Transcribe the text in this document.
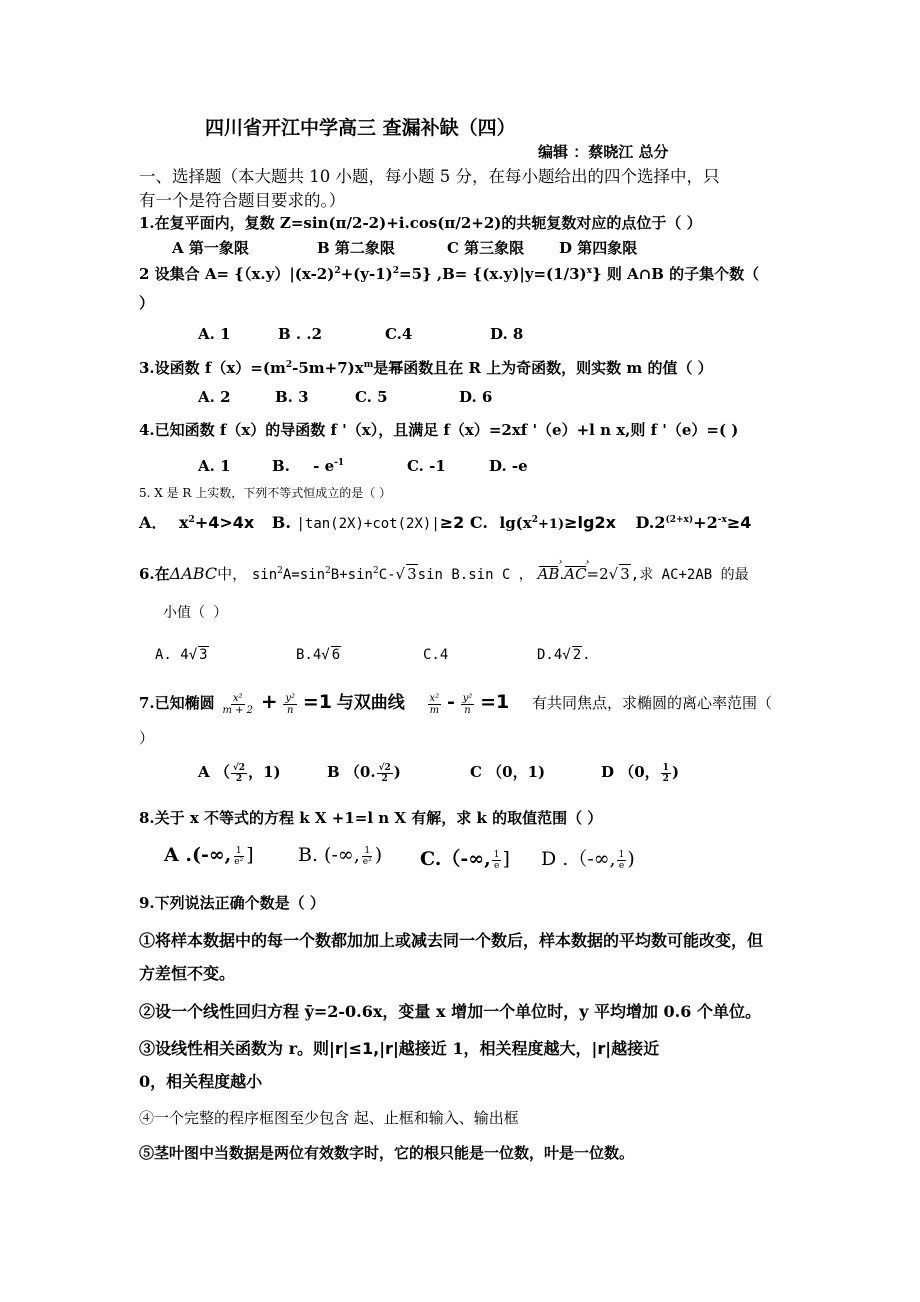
四川省开江中学高三 查漏补缺（四）
编辑 ：蔡晓江 总分
一、选择题（本大题共 10 小题，每小题 5 分，在每小题给出的四个选择中，只
有一个是符合题目要求的。）
1.在复平面内，复数 Z=sin(π/2-2)+i.cos(π/2+2)的共轭复数对应的点位于（ ）
A 第一象限	B 第二象限	C 第三象限 D 第四象限
2 设集合 $A= \{(x.y)|(x-2)^2+(y-1)^2=5\}$ $,B= \{(x.y)|y=(1/3)^x\}$ 则 A∩B 的子集个数（
）
A. 1	B . .2	C.4	D. 8
3.设函数 $f(x)=(m^2-5m+7)x^m$是幂函数且在 R 上为奇函数，则实数 m 的值（ ）
A. 2	B. 3	C. 5	D. 6
4.已知函数 f（x）的导函数 f '（x），且满足 f（x）=2xf '（e）+l n x,则 f '（e）=( )
A. 1	B. - $e^{-1}$	C. -1	D. -e
5. X 是 R 上实数，下列不等式恒成立的是（ ）
A． $x^2+4>4x$ B. |tan(2X)+cot(2X)|≥2 C. $\lg(x^2+1)\ge\lg 2x$ $D.2^{(2+x)}+2^{-x}\ge 4$
6.在ΔABC中， $\sin^2A=\sin^2B+\sin^2C-√$ 3sin B.sin C ， AB ›.AC ›=2√ 3,求 AC+2AB 的最
小值（ ）
A. 4√ 3	B.4√ 6	C.4	D.4√ 2.
7.已知椭圆 $\frac{\text{x²}}{m + 2} + \frac{\text{y²}}{n} =1$ 与双曲线 $\frac{\text{x²}}{m} - \frac{\text{y²}}{n} =1$ 有共同焦点，求椭圆的离心率范围（
）
A （ $\frac{√2}{2}$ ，1)	B （0. $\frac{√2}{2}$ )	C （0，1)	D （0， $\frac{1}{2}$ )
8.关于 x 不等式的方程 k X +1=l n X 有解，求 k 的取值范围（ ）
A .(-∞, $\frac{1}{\text{e²}}$ ] B. (-∞, $\frac{1}{\text{e²}}$ ) C.（-∞, $\frac{1}{e}$ ] D .（-∞, $\frac{1}{e}$ )
9.下列说法正确个数是（ ）
①将样本数据中的每一个数都加加上或减去同一个数后，样本数据的平均数可能改变，但
方差恒不变。
②设一个线性回归方程 ȳ=2-0.6x，变量 x 增加一个单位时，y 平均增加 0.6 个单位。
③设线性相关函数为 r。则|r|≤1,|r|越接近 1，相关程度越大，|r|越接近
0，相关程度越小
④一个完整的程序框图至少包含 起、止框和输入、输出框
⑤茎叶图中当数据是两位有效数字时，它的根只能是一位数，叶是一位数。
